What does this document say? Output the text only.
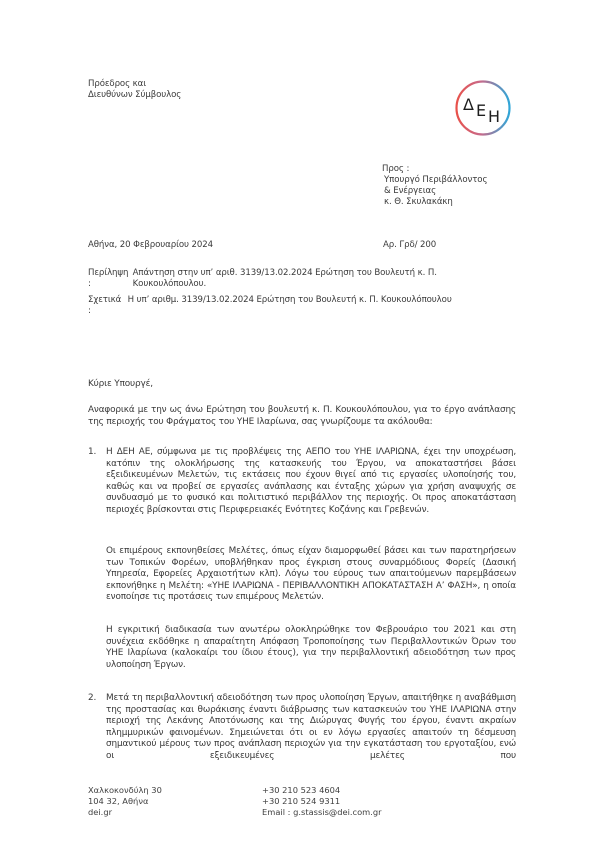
Πρόεδρος και
Διευθύνων Σύμβουλος	Δ Ε Η
Προς :
Υπουργό Περιβάλλοντος
& Ενέργειας
κ. Θ. Σκυλακάκη
Αθήνα, 20 Φεβρουαρίου 2024	Αρ. Γρδ/ 200
Περίληψη :
Απάντηση στην υπ’ αριθ. 3139/13.02.2024 Ερώτηση του Βουλευτή κ. Π.
Κουκουλόπουλου.
Σχετικά : Η υπ’ αριθμ. 3139/13.02.2024 Ερώτηση του Βουλευτή κ. Π. Κουκουλόπουλου
Κύριε Υπουργέ,
Αναφορικά με την ως άνω Ερώτηση του βουλευτή κ. Π. Κουκουλόπουλου, για το έργο ανάπλασης της περιοχής του Φράγματος του ΥΗΕ Ιλαρίωνα, σας γνωρίζουμε τα ακόλουθα:
1. Η ΔΕΗ ΑΕ, σύμφωνα με τις προβλέψεις της ΑΕΠΟ του ΥΗΕ ΙΛΑΡΙΩΝΑ, έχει την υποχρέωση, κατόπιν της ολοκλήρωσης της κατασκευής του Έργου, να αποκαταστήσει βάσει εξειδικευμένων Μελετών, τις εκτάσεις που έχουν θιγεί από τις εργασίες υλοποίησής του, καθώς και να προβεί σε εργασίες ανάπλασης και ένταξης χώρων για χρήση αναψυχής σε συνδυασμό με το φυσικό και πολιτιστικό περιβάλλον της περιοχής. Οι προς αποκατάσταση περιοχές βρίσκονται στις Περιφερειακές Ενότητες Κοζάνης και Γρεβενών.
Οι επιμέρους εκπονηθείσες Μελέτες, όπως είχαν διαμορφωθεί βάσει και των παρατηρήσεων των Τοπικών Φορέων, υποβλήθηκαν προς έγκριση στους συναρμόδιους Φορείς (Δασική Υπηρεσία, Εφορείες Αρχαιοτήτων κλπ). Λόγω του εύρους των απαιτούμενων παρεμβάσεων εκπονήθηκε η Μελέτη: «ΥΗΕ ΙΛΑΡΙΩΝΑ - ΠΕΡΙΒΑΛΛΟΝΤΙΚΗ ΑΠΟΚΑΤΑΣΤΑΣΗ Α’ ΦΑΣΗ», η οποία ενοποίησε τις προτάσεις των επιμέρους Μελετών.
Η εγκριτική διαδικασία των ανωτέρω ολοκληρώθηκε τον Φεβρουάριο του 2021 και στη συνέχεια εκδόθηκε η απαραίτητη Απόφαση Τροποποίησης των Περιβαλλοντικών Όρων του ΥΗΕ Ιλαρίωνα (καλοκαίρι του ίδιου έτους), για την περιβαλλοντική αδειοδότηση των προς υλοποίηση Έργων.
2. Μετά τη περιβαλλοντική αδειοδότηση των προς υλοποίηση Έργων, απαιτήθηκε η αναβάθμιση της προστασίας και θωράκισης έναντι διάβρωσης των κατασκευών του ΥΗΕ ΙΛΑΡΙΩΝΑ στην περιοχή της Λεκάνης Αποτόνωσης και της Διώρυγας Φυγής του έργου, έναντι ακραίων πλημμυρικών φαινομένων. Σημειώνεται ότι οι εν λόγω εργασίες απαιτούν τη δέσμευση σημαντικού μέρους των προς ανάπλαση περιοχών για την εγκατάσταση του εργοταξίου, ενώ οι εξειδικευμένες μελέτες που
Χαλκοκονδύλη 30
104 32, Αθήνα
dei.gr
+30 210 523 4604
+30 210 524 9311
Email : g.stassis@dei.com.gr
